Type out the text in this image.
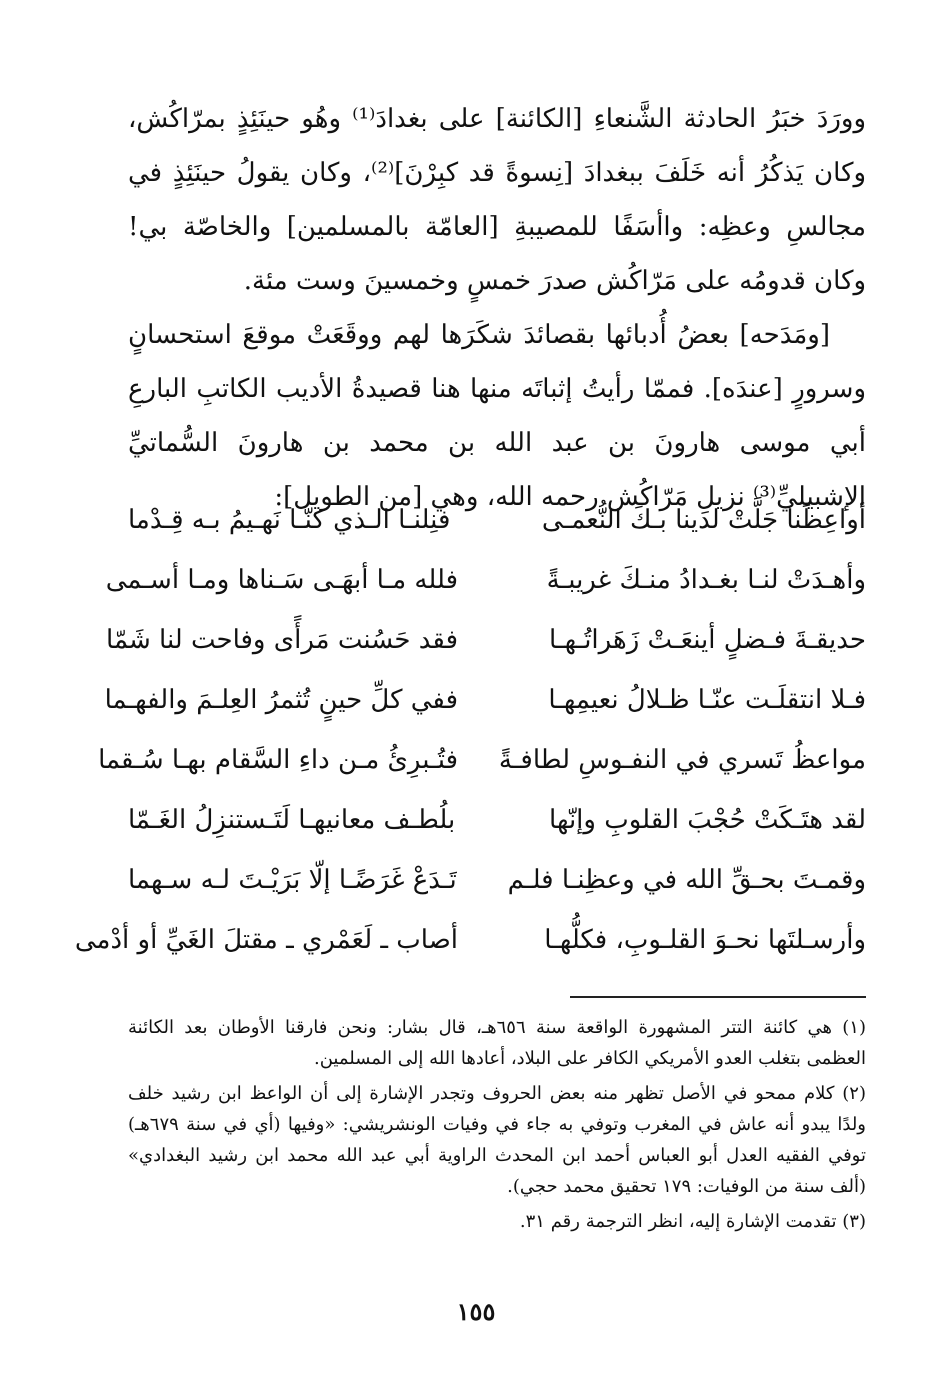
وورَدَ خبَرُ الحادثة الشَّنعاءِ [الكائنة] على بغدادَ⁽¹⁾ وهُو حينَئِذٍ بمرّاكُش، وكان يَذكُرُ أنه خَلَفَ ببغدادَ [نِسوةً قد كبِرْنَ]⁽²⁾، وكان يقولُ حينَئِذٍ في مجالسِ وعظِه: واأسَفًا للمصيبةِ [العامّة بالمسلمين] والخاصّة بي! وكان قدومُه على مَرّاكُش صدرَ خمسٍ وخمسينَ وست مئة.

[ومَدَحه] بعضُ أُدبائها بقصائدَ شكَرَها لهم ووقَعَتْ موقعَ استحسانٍ وسرورٍ [عندَه]. فممّا رأيتُ إثباتَه منها هنا قصيدةُ الأديب الكاتبِ البارعِ أبي موسى هارونَ بن عبد الله بن محمد بن هارونَ السُّماتيِّ الإشبيليِّ⁽³⁾ نزيلِ مَرّاكُش رحمه الله، وهي [من الطويل]:

أواعِظَنا جَلَّتْ لدينا بـكَ النُّعمـى
فنِلنـا الـذي كنّـا نَهـيمُ بـه قِـدْما
وأهـدَتْ لنـا بغـدادُ منـكَ غريبـةً
فلله مـا أبهَـى سَـناها ومـا أسـمى
حديقـةَ فـضلٍ أينعَـتْ زَهَراتُـهـا
فقد حَسُنت مَرأًى وفاحت لنا شَمّا
فـلا انتقلَـت عنّـا ظـلالُ نعيمِهـا
ففي كلِّ حينٍ تُثمرُ العِلـمَ والفهـما
مواعظُ تَسري في النفـوسِ لطافـةً
فتُـبرِئُ مـن داءِ السَّقام بهـا سُـقما
لقد هتَـكَتْ حُجْبَ القلوبِ وإنّها
بلُطـف معانيهـا لَتَـستنزِلُ الغَـمّا
وقمـتَ بحـقِّ الله في وعظِنـا فلـم
تَـدَعْ غَرَضًـا إلّا بَرَيْـتَ لـه سـهما
وأرسـلتَها نحـوَ القلـوبِ، فكلُّهـا
أصاب ـ لَعَمْري ـ مقتلَ الغَيِّ أو أدْمى

(١) هي كائنة التتر المشهورة الواقعة سنة ٦٥٦هـ، قال بشار: ونحن فارقنا الأوطان بعد الكائنة العظمى بتغلب العدو الأمريكي الكافر على البلاد، أعادها الله إلى المسلمين.

(٢) كلام ممحو في الأصل تظهر منه بعض الحروف وتجدر الإشارة إلى أن الواعظ ابن رشيد خلف ولدًا يبدو أنه عاش في المغرب وتوفي به جاء في وفيات الونشريشي: «وفيها (أي في سنة ٦٧٩هـ) توفي الفقيه العدل أبو العباس أحمد ابن المحدث الراوية أبي عبد الله محمد ابن رشيد البغدادي» (ألف سنة من الوفيات: ١٧٩ تحقيق محمد حجي).

(٣) تقدمت الإشارة إليه، انظر الترجمة رقم ٣١.

١٥٥
